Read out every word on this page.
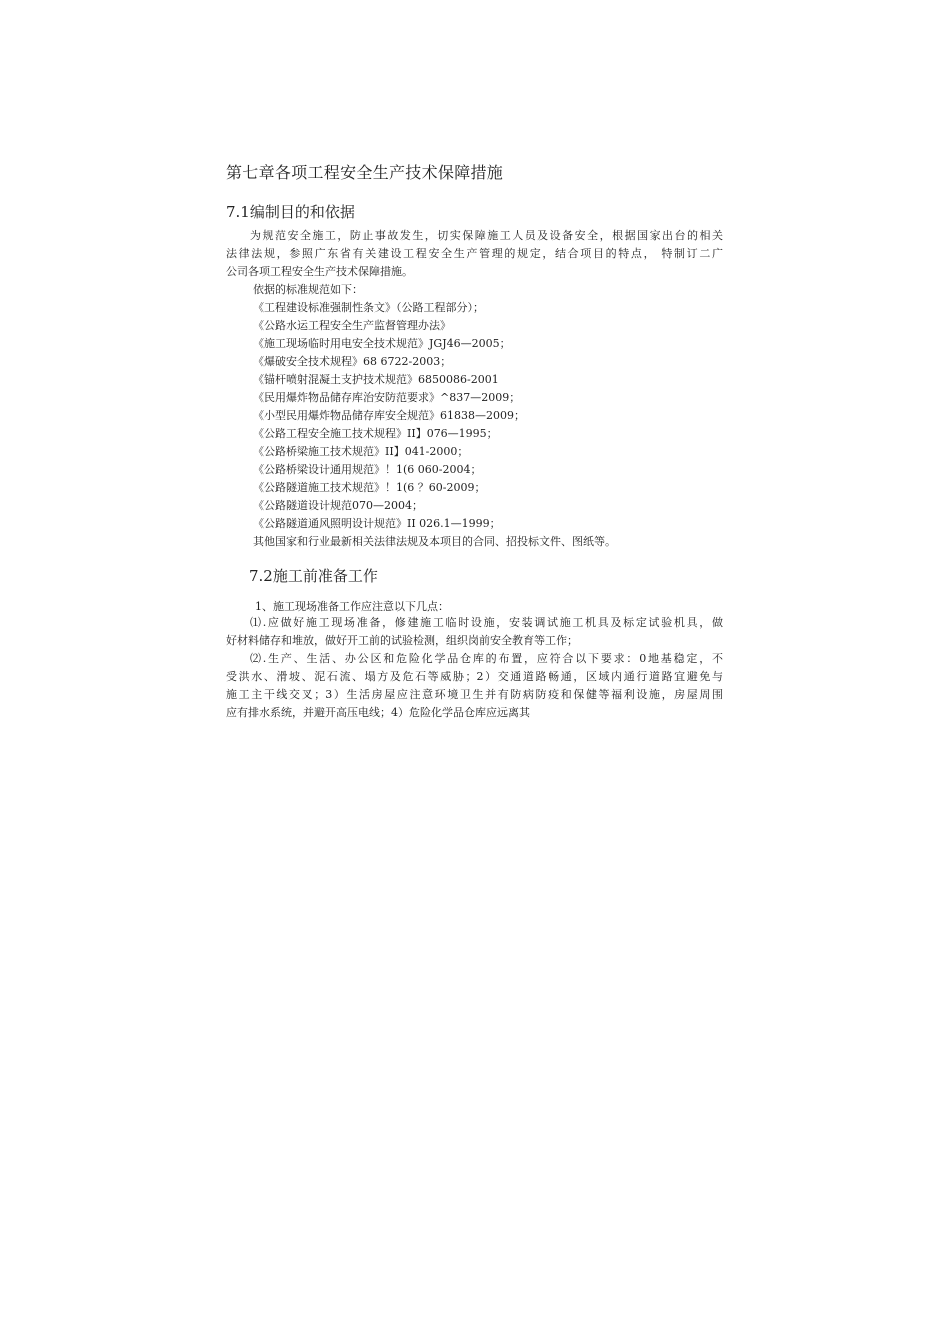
第七章各项工程安全生产技术保障措施
7.1编制目的和依据
为规范安全施工，防止事故发生，切实保障施工人员及设备安全，根据国家出台的相关
法律法规，参照广东省有关建设工程安全生产管理的规定，结合项目的特点， 特制订二广
公司各项工程安全生产技术保障措施。
依据的标准规范如下：
《工程建设标准强制性条文》（公路工程部分）；
《公路水运工程安全生产监督管理办法》
《施工现场临时用电安全技术规范》JGJ46—2005；
《爆破安全技术规程》68 6722-2003；
《锚杆喷射混凝土支护技术规范》6850086-2001
《民用爆炸物品储存库治安防范要求》^837—2009；
《小型民用爆炸物品储存库安全规范》61838—2009；
《公路工程安全施工技术规程》II】076—1995；
《公路桥梁施工技术规范》II】041-2000；
《公路桥梁设计通用规范》！1(6 060-2004；
《公路隧道施工技术规范》！1(6 ？60-2009；
《公路隧道设计规范070—2004；
《公路隧道通风照明设计规范》II 026.1—1999；
其他国家和行业最新相关法律法规及本项目的合同、招投标文件、图纸等。
7.2施工前准备工作
1、施工现场准备工作应注意以下几点：
⑴.应做好施工现场准备，修建施工临时设施，安装调试施工机具及标定试验机具，做
好材料储存和堆放，做好开工前的试验检测，组织岗前安全教育等工作；
⑵.生产、生活、办公区和危险化学品仓库的布置，应符合以下要求：0地基稳定，不
受洪水、滑坡、泥石流、塌方及危石等威胁；2）交通道路畅通，区域内通行道路宜避免与
施工主干线交叉；3）生活房屋应注意环境卫生并有防病防疫和保健等福利设施，房屋周围
应有排水系统，并避开高压电线；4）危险化学品仓库应远离其
